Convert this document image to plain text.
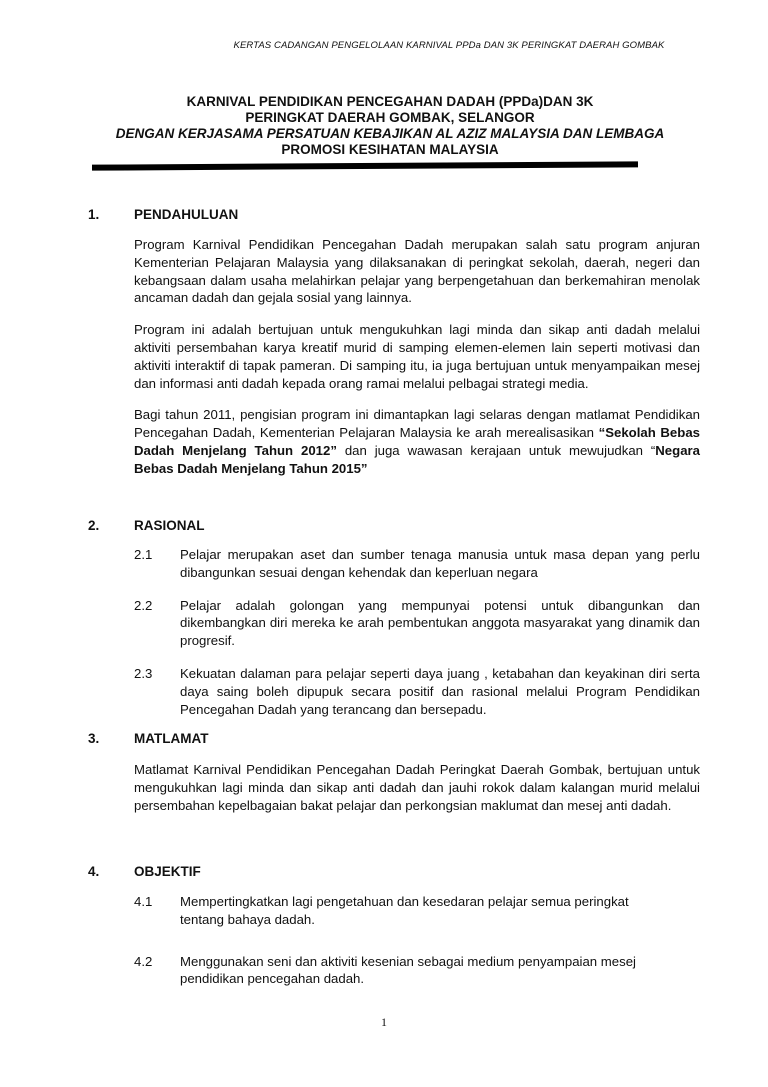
KERTAS CADANGAN PENGELOLAAN KARNIVAL PPDa DAN 3K PERINGKAT DAERAH GOMBAK
KARNIVAL PENDIDIKAN PENCEGAHAN DADAH (PPDa)DAN 3K
PERINGKAT DAERAH GOMBAK, SELANGOR
DENGAN KERJASAMA PERSATUAN KEBAJIKAN AL AZIZ MALAYSIA DAN LEMBAGA
PROMOSI KESIHATAN MALAYSIA
1.	PENDAHULUAN

Program Karnival Pendidikan Pencegahan Dadah merupakan salah satu program anjuran Kementerian Pelajaran Malaysia yang dilaksanakan di peringkat sekolah, daerah, negeri dan kebangsaan dalam usaha melahirkan pelajar yang berpengetahuan dan berkemahiran menolak ancaman dadah dan gejala sosial yang lainnya.

Program ini adalah bertujuan untuk mengukuhkan lagi minda dan sikap anti dadah melalui aktiviti persembahan karya kreatif murid di samping elemen-elemen lain seperti motivasi dan aktiviti interaktif di tapak pameran. Di samping itu, ia juga bertujuan untuk menyampaikan mesej dan informasi anti dadah kepada orang ramai melalui pelbagai strategi media.

Bagi tahun 2011, pengisian program ini dimantapkan lagi selaras dengan matlamat Pendidikan Pencegahan Dadah, Kementerian Pelajaran Malaysia ke arah merealisasikan “Sekolah Bebas Dadah Menjelang Tahun 2012” dan juga wawasan kerajaan untuk mewujudkan “Negara Bebas Dadah Menjelang Tahun 2015”

2.	RASIONAL
2.1	Pelajar merupakan aset dan sumber tenaga manusia untuk masa depan yang perlu dibangunkan sesuai dengan kehendak dan keperluan negara
2.2	Pelajar adalah golongan yang mempunyai potensi untuk dibangunkan dan dikembangkan diri mereka ke arah pembentukan anggota masyarakat yang dinamik dan progresif.
2.3	Kekuatan dalaman para pelajar seperti daya juang , ketabahan dan keyakinan diri serta daya saing boleh dipupuk secara positif dan rasional melalui Program Pendidikan Pencegahan Dadah yang terancang dan bersepadu.
3.	MATLAMAT

Matlamat Karnival Pendidikan Pencegahan Dadah Peringkat Daerah Gombak, bertujuan untuk mengukuhkan lagi minda dan sikap anti dadah dan jauhi rokok dalam kalangan murid melalui persembahan kepelbagaian bakat pelajar dan perkongsian maklumat dan mesej anti dadah.

4.	OBJEKTIF
4.1	Mempertingkatkan lagi pengetahuan dan kesedaran pelajar semua peringkat tentang bahaya dadah.
4.2	Menggunakan seni dan aktiviti kesenian sebagai medium penyampaian mesej pendidikan pencegahan dadah.
1
